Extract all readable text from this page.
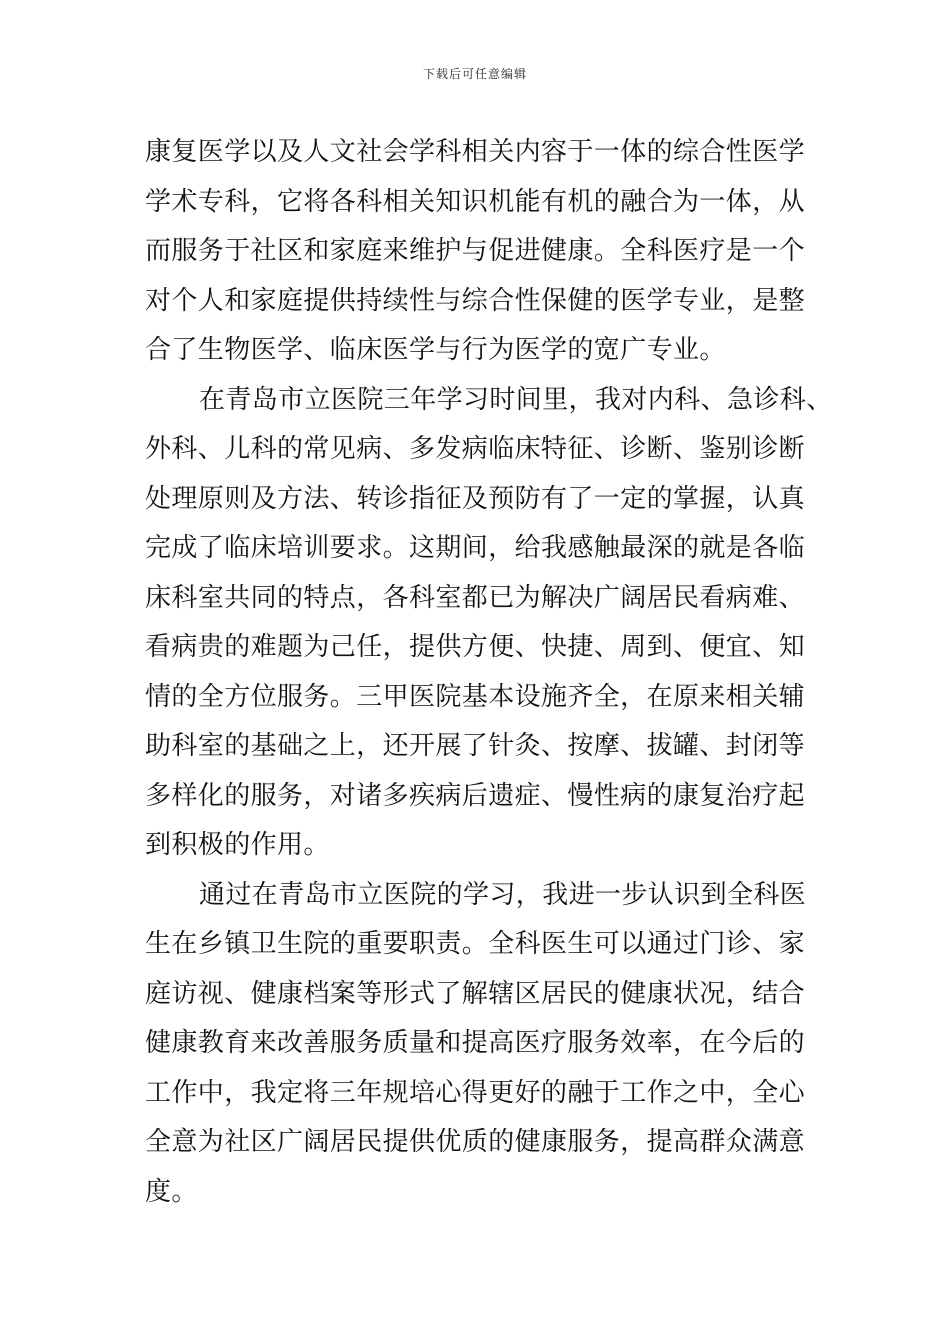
下载后可任意编辑
康复医学以及人文社会学科相关内容于一体的综合性医学
学术专科，它将各科相关知识机能有机的融合为一体，从
而服务于社区和家庭来维护与促进健康。全科医疗是一个
对个人和家庭提供持续性与综合性保健的医学专业，是整
合了生物医学、临床医学与行为医学的宽广专业。
在青岛市立医院三年学习时间里，我对内科、急诊科、
外科、儿科的常见病、多发病临床特征、诊断、鉴别诊断
处理原则及方法、转诊指征及预防有了一定的掌握，认真
完成了临床培训要求。这期间，给我感触最深的就是各临
床科室共同的特点，各科室都已为解决广阔居民看病难、
看病贵的难题为己任，提供方便、快捷、周到、便宜、知
情的全方位服务。三甲医院基本设施齐全，在原来相关辅
助科室的基础之上，还开展了针灸、按摩、拔罐、封闭等
多样化的服务，对诸多疾病后遗症、慢性病的康复治疗起
到积极的作用。
通过在青岛市立医院的学习，我进一步认识到全科医
生在乡镇卫生院的重要职责。全科医生可以通过门诊、家
庭访视、健康档案等形式了解辖区居民的健康状况，结合
健康教育来改善服务质量和提高医疗服务效率，在今后的
工作中，我定将三年规培心得更好的融于工作之中，全心
全意为社区广阔居民提供优质的健康服务，提高群众满意
度。
